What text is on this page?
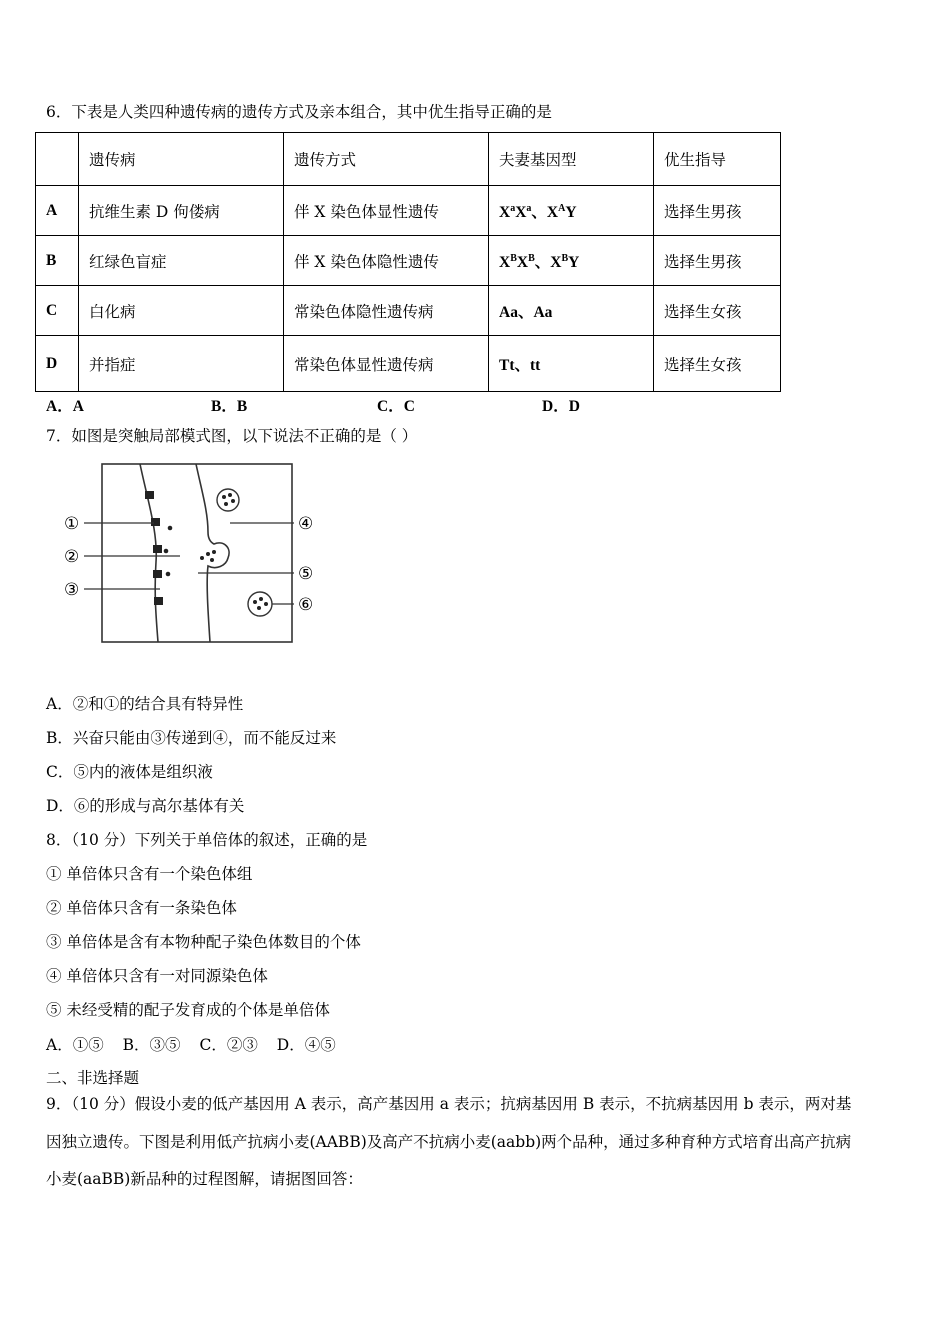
6．下表是人类四种遗传病的遗传方式及亲本组合，其中优生指导正确的是
	遗传病	遗传方式	夫妻基因型	优生指导
A	抗维生素 D 佝偻病	伴 X 染色体显性遗传	$X^aX^a$、$X^AY$	选择生男孩
B	红绿色盲症	伴 X 染色体隐性遗传	$X^BX^B$、$X^BY$	选择生男孩
C	白化病	常染色体隐性遗传病	Aa、Aa	选择生女孩
D	并指症	常染色体显性遗传病	Tt、tt	选择生女孩
A．A	B．B	C．C	D．D
7．如图是突触局部模式图，以下说法不正确的是（ ）
①
②
③
④
⑤
⑥
A．②和①的结合具有特异性
B．兴奋只能由③传递到④，而不能反过来
C．⑤内的液体是组织液
D．⑥的形成与高尔基体有关
8．（10 分）下列关于单倍体的叙述，正确的是
① 单倍体只含有一个染色体组
② 单倍体只含有一条染色体
③ 单倍体是含有本物种配子染色体数目的个体
④ 单倍体只含有一对同源染色体
⑤ 未经受精的配子发育成的个体是单倍体
A．①⑤ B．③⑤ C．②③ D．④⑤
二、非选择题
9．（10 分）假设小麦的低产基因用 A 表示，高产基因用 a 表示；抗病基因用 B 表示，不抗病基因用 b 表示，两对基
因独立遗传。下图是利用低产抗病小麦(AABB)及高产不抗病小麦(aabb)两个品种，通过多种育种方式培育出高产抗病
小麦(aaBB)新品种的过程图解，请据图回答：
